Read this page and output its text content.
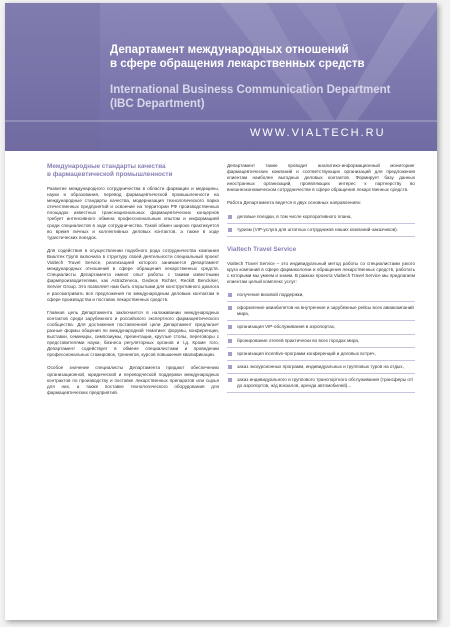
Департамент международных отношений
в сфере обращения лекарственных средств
International Business Communication Department
(IBC Department)
WWW.VIALTECH.RU
Международные стандарты качества
в фармацевтической промышленности

Развитие международного сотрудничества в области фармации и медицины, науки и образования, перевод фармацевтической промышленности на международные стандарты качества, модернизация технологического парка отечественных предприятий и освоение на территории РФ производственных площадок известных транснациональных фармацевтических концернов требует интенсивного обмена профессиональным опытом и информацией среди специалистов в зоде сотрудничества. Такой обмен широко практикуется во время личных и коллективных деловых контактов, а также в ходе туристических поездок.

Для содействия в осуществлении подобного рода сотрудничества компания Виалтек Групп включила в структуру своей деятельности специальный проект Vialtech Travel Service, реализацией которого занимается Департамент международных отношений в сфере обращения лекарственных средств. Специалисты Департамента имеют опыт работы с такими известными фармпроизводителями, как AstraZeneca, Gedeon Richter, Reckitt Benckiser, Servier Group. Это позволяет нам быть открытыми для конструктивного диалога и рассматривать все предложения по международным деловым контактам в сфере производства и поставок лекарственных средств.

Главная цель Департамента заключается в налаживании международных контактов среди зарубежного и российского экспертного фармацевтического сообщества. Для достижения поставленной цели Департамент предлагает разные формы общения по международной тематике: форумы, конференции, выставки, семинары, симпозиумы, презентации, круглые столы, переговоры с представителями науки, бизнеса регуляторных органов и т.д. Кроме того, Департамент содействует в обмене специалистами и проведении профессиональных стажировок, тренингов, курсов повышения квалификации.

Особое значение специалисты Департамента придают обеспечению организационной, юридической и переводческой поддержки международных контрактов по производству и поставке лекарственных препаратов или сырья для них, а также поставке технологического оборудования для фармацевтических предприятий.

Департамент также проводит аналитико-информационный мониторинг фармацевтических компаний и соответствующих организаций для предложения клиентам наиболее выгодных деловых контактов. Формирует базу данных иностранных организаций, проявляющих интерес к партнерству во внешнеэкономическом сотрудничестве в сфере обращения лекарственных средств.

Работа Департамента ведется в двух основных направлениях:

деловые поездки, в том числе корпоративного плана,
туризм (VIP-услуга для штатных сотрудников наших компаний-заказчиков).
Vialtech Travel Service

Vialtech Travel Service – это индивидуальный метод работы со специалистами узкого круга компаний в сфере фармакологии и обращения лекарственных средств, работать с которыми мы умеем и знаем. В рамках проекта Vialtech Travel Service мы предлагаем клиентам целый комплекс услуг:

получение визовой поддержки,
оформление авиабилетов на внутренние и зарубежные рейсы всех авиакомпаний мира,
организация VIP-обслуживания в аэропортах,
бронирование отелей практически во всех городах мира,
организация incentive-программ конференций и деловых встреч,
заказ экскурсионных программ, индивидуальных и групповых туров на отдых,
заказ индивидуального и группового транспортного обслуживания (трансферы от/до аэропортов, ж/д вокзалов, аренда автомобилей)...
